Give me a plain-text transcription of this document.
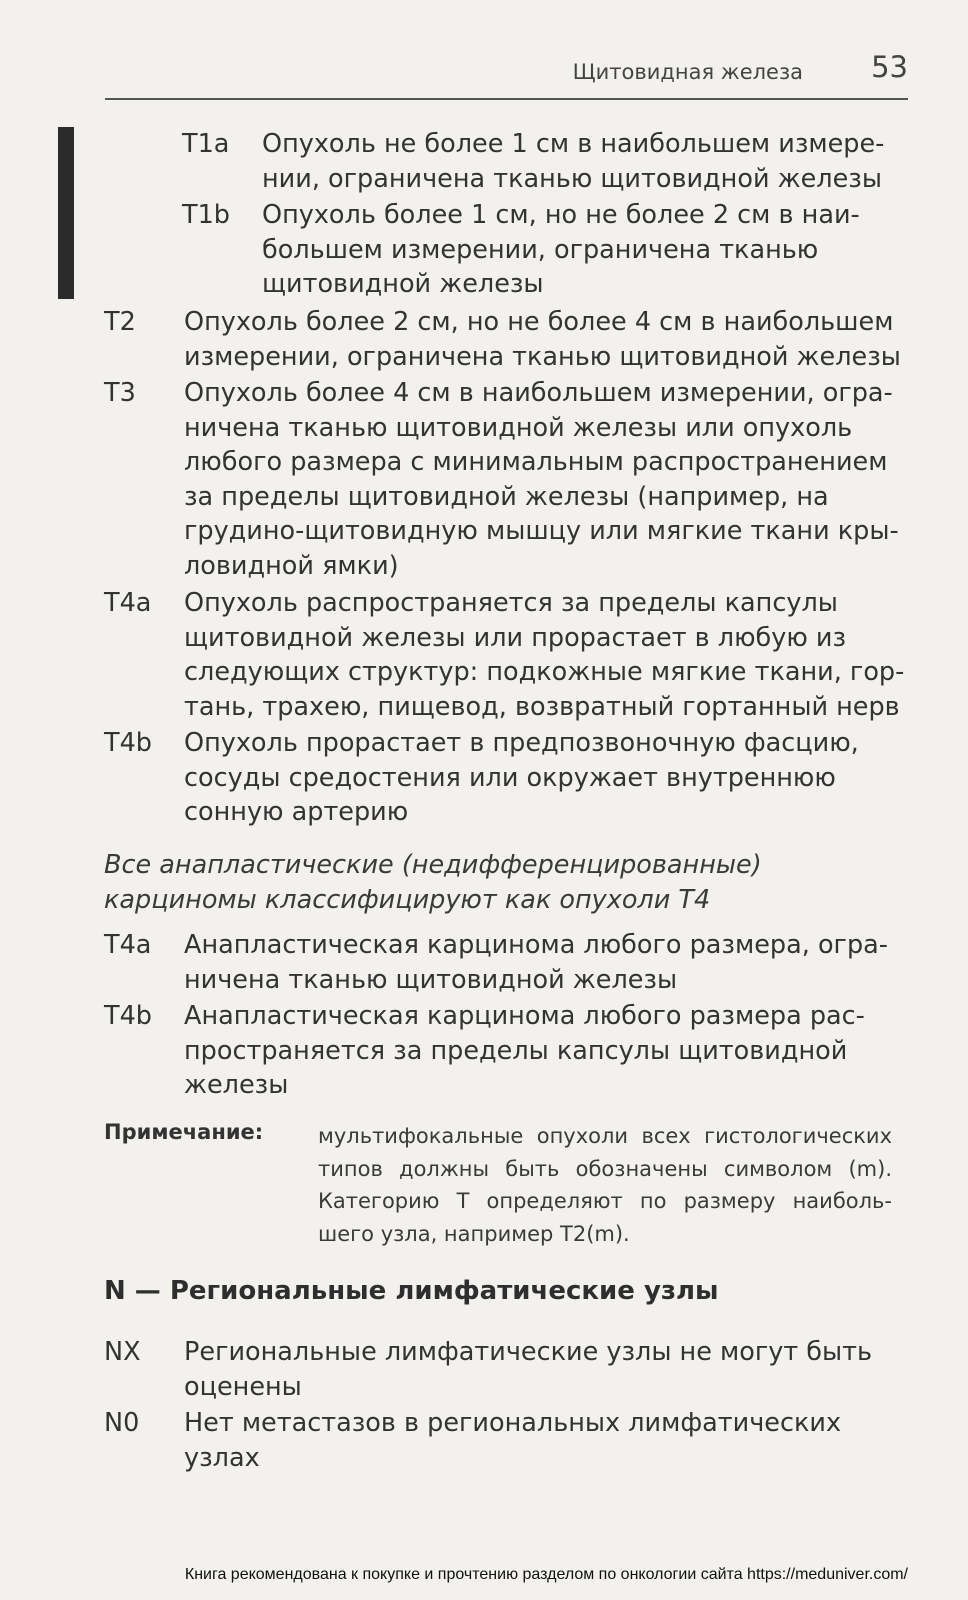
Щитовидная железа 53
T1a Опухоль не более 1 см в наибольшем измере-
нии, ограничена тканью щитовидной железы
T1b Опухоль более 1 см, но не более 2 см в наи-
большем измерении, ограничена тканью
щитовидной железы
T2 Опухоль более 2 см, но не более 4 см в наибольшем
измерении, ограничена тканью щитовидной железы
T3 Опухоль более 4 см в наибольшем измерении, огра-
ничена тканью щитовидной железы или опухоль
любого размера с минимальным распространением
за пределы щитовидной железы (например, на
грудино-щитовидную мышцу или мягкие ткани кры-
ловидной ямки)
T4a Опухоль распространяется за пределы капсулы
щитовидной железы или прорастает в любую из
следующих структур: подкожные мягкие ткани, гор-
тань, трахею, пищевод, возвратный гортанный нерв
T4b Опухоль прорастает в предпозвоночную фасцию,
сосуды средостения или окружает внутреннюю
сонную артерию
Все анапластические (недифференцированные)
карциномы классифицируют как опухоли T4
T4a Анапластическая карцинома любого размера, огра-
ничена тканью щитовидной железы
T4b Анапластическая карцинома любого размера рас-
пространяется за пределы капсулы щитовидной
железы
Примечание:	мультифокальные опухоли всех гистологических
типов должны быть обозначены символом (m).
Категорию T определяют по размеру наиболь-
шего узла, например T2(m).
N — Региональные лимфатические узлы
NX Региональные лимфатические узлы не могут быть
оценены
N0 Нет метастазов в региональных лимфатических
узлах
Книга рекомендована к покупке и прочтению разделом по онкологии сайта https://meduniver.com/
